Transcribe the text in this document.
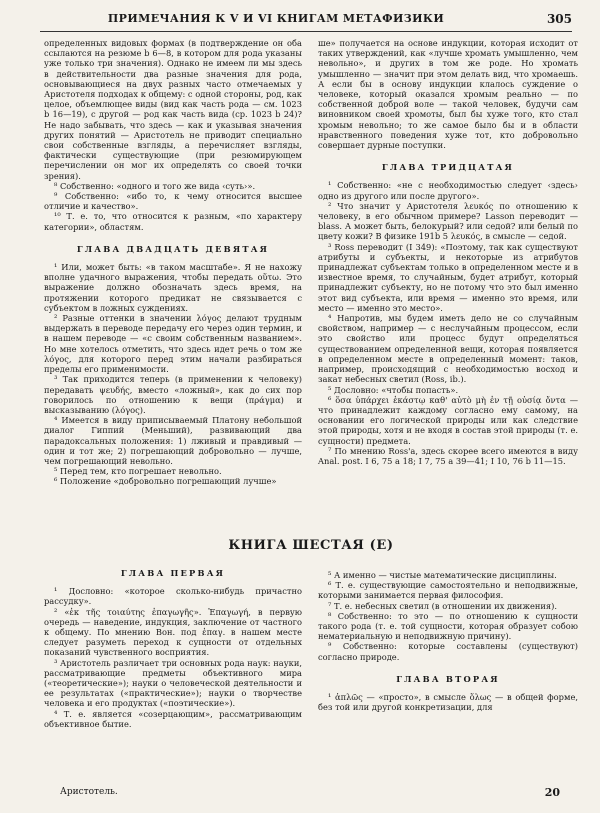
ПРИМЕЧАНИЯ К V И VI КНИГАМ МЕТАФИЗИКИ	305

определенных видовых формах (в подтверждение он оба ссылаются на резюме b 6—8, в котором для рода указаны уже только три значения). Однако не имеем ли мы здесь в действительности два разные значения для рода, основывающиеся на двух разных часто отмечаемых у Аристотеля подходах к общему: с одной стороны, род, как целое, объемлющее виды (вид как часть рода — см. 1023 b 16—19), с другой — род как часть вида (ср. 1023 b 24)? Не надо забывать, что здесь — как и указывая значения других понятий — Аристотель не приводит специально свои собственные взгляды, а перечисляет взгляды, фактически существующие (при резюмирующем перечислении он мог их определять со своей точки зрения).

⁸ Собственно: «одного и того же вида ‹суть›».

⁹ Собственно: «ибо то, к чему относится высшее отличие и качество».

¹⁰ Т. е. то, что относится к разным, «по характеру категории», областям.

ГЛАВА ДВАДЦАТЬ ДЕВЯТАЯ

¹ Или, может быть: «в таком масштабе». Я не нахожу вполне удачного выражения, чтобы передать οὕτω. Это выражение должно обозначать здесь время, на протяжении которого предикат не связывается с субъектом в ложных суждениях.

² Разные оттенки в значении λόγος делают трудным выдержать в переводе передачу его через один термин, и в нашем переводе — «с своим собственным названием». Но мне хотелось отметить, что здесь идет речь о том же λόγος, для которого перед этим начали разбираться пределы его применимости.

³ Так приходится теперь (в применении к человеку) передавать ψευδής, вместо «ложный», как до сих пор говорилось по отношению к вещи (πράγμα) и высказыванию (λόγος).

⁴ Имеется в виду приписываемый Платону небольшой диалог Гиппий (Меньший), развивающий два парадоксальных положения: 1) лживый и правдивый — один и тот же; 2) погрешающий добровольно — лучше, чем погрешающий невольно.

⁵ Перед тем, кто погрешает невольно.

⁶ Положение «добровольно погрешающий лучше»

ше» получается на основе индукции, которая исходит от таких утверждений, как «лучше хромать умышленно, чем невольно», и других в том же роде. Но хромать умышленно — значит при этом делать вид, что хромаешь. А если бы в основу индукции клалось суждение о человеке, который оказался хромым реально — по собственной доброй воле — такой человек, будучи сам виновником своей хромоты, был бы хуже того, кто стал хромым невольно; то же самое было бы и в области нравственного поведения хуже тот, кто добровольно совершает дурные поступки.

ГЛАВА ТРИДЦАТАЯ

¹ Собственно: «не с необходимостью следует ‹здесь› одно из другого или после другого».

² Что значит у Аристотеля λευκός по отношению к человеку, в его обычном примере? Lasson переводит — blass. А может быть, белокурый? или седой? или белый по цвету кожи? В физике 191b 5 λευκός, в смысле — седой.

³ Ross переводит (I 349): «Поэтому, так как существуют атрибуты и субъекты, и некоторые из атрибутов принадлежат субъектам только в определенном месте и в известное время, то случайным, будет атрибут, который принадлежит субъекту, но не потому что это был именно этот вид субъекта, или время — именно это время, или место — именно это место».

⁴ Напротив, мы будем иметь дело не со случайным свойством, например — с неслучайным процессом, если это свойство или процесс будут определяться существованием определенной вещи, которая появляется в определенном месте в определенный момент: таков, например, происходящий с необходимостью восход и закат небесных светил (Ross, ib.).

⁵ Дословно: «чтобы попасть».

⁶ ὅσα ὑπάρχει ἑκάστῳ καθ' αὑτὸ μὴ ἐν τῇ οὐσίᾳ ὄντα — что принадлежит каждому согласно ему самому, на основании его логической природы или как следствие этой природы, хотя и не входя в состав этой природы (т. е. сущности) предмета.

⁷ По мнению Ross'а, здесь скорее всего имеются в виду Anal. post. I 6, 75 a 18; I 7, 75 a 39—41; I 10, 76 b 11—15.

КНИГА ШЕСТАЯ (Е)
ГЛАВА ПЕРВАЯ

¹ Дословно: «которое сколько-нибудь причастно рассудку».

² «ἐκ τῆς τοιαύτης ἐπαγωγῆς». Ἐπαγωγή, в первую очередь — наведение, индукция, заключение от частного к общему. По мнению Вон. под ἐπαγ. в нашем месте следует разуметь переход к сущности от отдельных показаний чувственного восприятия.

³ Аристотель различает три основных рода наук: науки, рассматривающие предметы объективного мира («теоретические»); науки о человеческой деятельности и ее результатах («практические»); науки о творчестве человека и его продуктах («поэтические»).

⁴ Т. е. является «созерцающим», рассматривающим объективное бытие.

⁵ А именно — чистые математические дисциплины.

⁶ Т. е. существующие самостоятельно и неподвижные, которыми занимается первая философия.

⁷ Т. е. небесных светил (в отношении их движения).

⁸ Собственно: то это — по отношению к сущности такого рода (т. е. той сущности, которая образует собою нематериальную и неподвижную причину).

⁹ Собственно: которые составлены (существуют) согласно природе.

ГЛАВА ВТОРАЯ

¹ ἁπλῶς — «просто», в смысле ὅλως — в общей форме, без той или другой конкретизации, для

Аристотель.	20
